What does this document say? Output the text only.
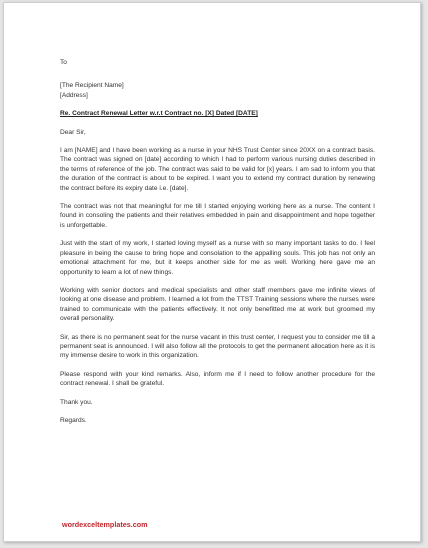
To

[The Recipient Name]
[Address]

Re. Contract Renewal Letter w.r.t Contract no. [X] Dated [DATE]

Dear Sir,

I am [NAME] and I have been working as a nurse in your NHS Trust Center since 20XX on a contract basis. The contract was signed on [date] according to which I had to perform various nursing duties described in the terms of reference of the job. The contract was said to be valid for [x] years. I am sad to inform you that the duration of the contract is about to be expired. I want you to extend my contract duration by renewing the contract before its expiry date i.e. [date].

The contract was not that meaningful for me till I started enjoying working here as a nurse. The content I found in consoling the patients and their relatives embedded in pain and disappointment and hope together is unforgettable.

Just with the start of my work, I started loving myself as a nurse with so many important tasks to do. I feel pleasure in being the cause to bring hope and consolation to the appalling souls. This job has not only an emotional attachment for me, but it keeps another side for me as well. Working here gave me an opportunity to learn a lot of new things.

Working with senior doctors and medical specialists and other staff members gave me infinite views of looking at one disease and problem. I learned a lot from the TTST Training sessions where the nurses were trained to communicate with the patients effectively. It not only benefitted me at work but groomed my overall personality.

Sir, as there is no permanent seat for the nurse vacant in this trust center, I request you to consider me till a permanent seat is announced. I will also follow all the protocols to get the permanent allocation here as it is my immense desire to work in this organization.

Please respond with your kind remarks. Also, inform me if I need to follow another procedure for the contract renewal. I shall be grateful.

Thank you.

Regards.

wordexceltemplates.com
